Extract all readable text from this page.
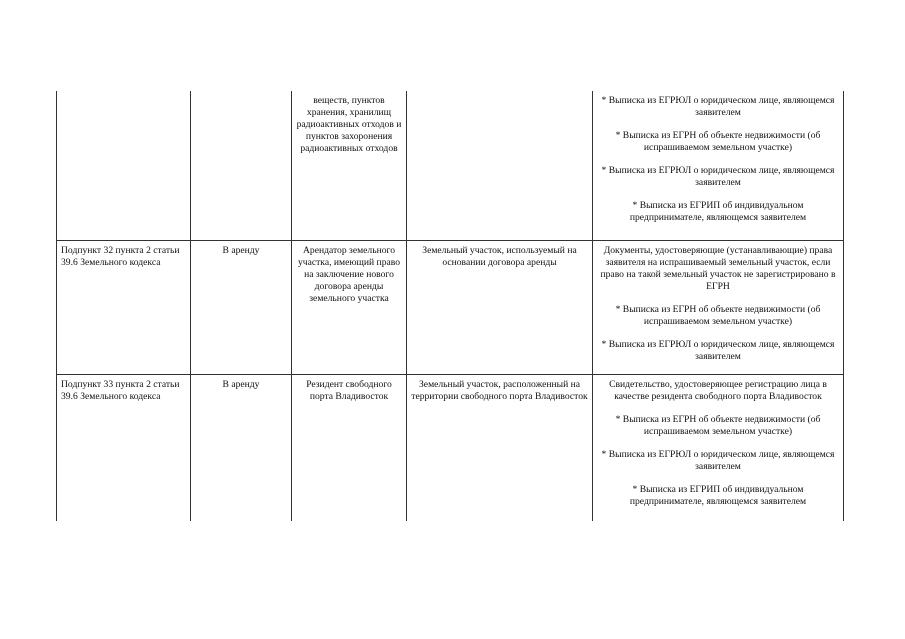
		веществ, пунктов хранения, хранилищ радиоактивных отходов и пунктов захоронения радиоактивных отходов		* Выписка из ЕГРЮЛ о юридическом лице, являющемся заявителем
* Выписка из ЕГРН об объекте недвижимости (об испрашиваемом земельном участке)
* Выписка из ЕГРЮЛ о юридическом лице, являющемся заявителем
* Выписка из ЕГРИП об индивидуальном предпринимателе, являющемся заявителем

Подпункт 32 пункта 2 статьи 39.6 Земельного кодекса	В аренду	Арендатор земельного участка, имеющий право на заключение нового договора аренды земельного участка	Земельный участок, используемый на основании договора аренды	Документы, удостоверяющие (устанавливающие) права заявителя на испрашиваемый земельный участок, если право на такой земельный участок не зарегистрировано в ЕГРН
* Выписка из ЕГРН об объекте недвижимости (об испрашиваемом земельном участке)
* Выписка из ЕГРЮЛ о юридическом лице, являющемся заявителем

Подпункт 33 пункта 2 статьи 39.6 Земельного кодекса	В аренду	Резидент свободного порта Владивосток	Земельный участок, расположенный на территории свободного порта Владивосток	Свидетельство, удостоверяющее регистрацию лица в качестве резидента свободного порта Владивосток
* Выписка из ЕГРН об объекте недвижимости (об испрашиваемом земельном участке)
* Выписка из ЕГРЮЛ о юридическом лице, являющемся заявителем
* Выписка из ЕГРИП об индивидуальном предпринимателе, являющемся заявителем
